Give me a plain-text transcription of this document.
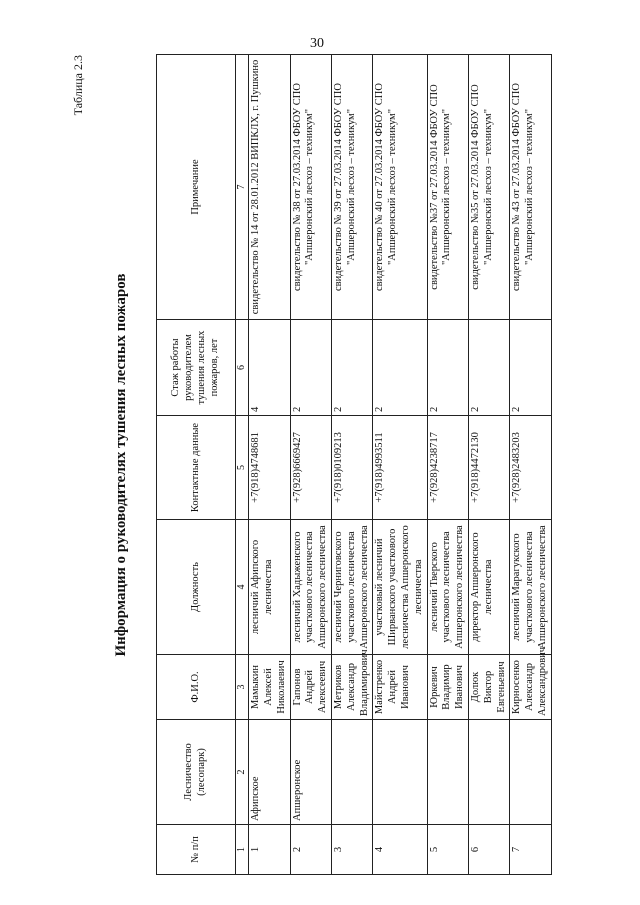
30
Таблица 2.3
Информация о руководителях тушения лесных пожаров
№ п/п	Лесничество (лесопарк)	Ф.И.О.	Должность	Контактные данные	Стаж работы руководителем тушения лесных пожаров, лет	Примечание
1	2	3	4	5	6	7
1	Афипское	Мамыкин Алексей Николаевич	лесничий Афипского лесничества	+7(918)4748681	4	свидетельство № 14 от 28.01.2012 ВИПКЛХ, г. Пушкино
2	Апшеронское	Гапонов Андрей Алексеевич	лесничий Хадыженского участкового лесничества Апшеронского лесничества	+7(928)6669427	2	свидетельство № 38 от 27.03.2014 ФБОУ СПО "Апшеронский лесхоз – техникум"
3		Метриков Александр Владимирович	лесничий Черниговского участкового лесничества Апшеронского лесничества	+7(918)0109213	2	свидетельство № 39 от 27.03.2014 ФБОУ СПО "Апшеронский лесхоз – техникум"
4		Майстренко Андрей Иванович	участковый лесничий Ширванского участкового лесничества Апшеронского лесничества	+7(918)4993511	2	свидетельство № 40 от 27.03.2014 ФБОУ СПО "Апшеронский лесхоз – техникум"
5		Юркевич Владимир Иванович	лесничий Тверского участкового лесничества Апшеронского лесничества	+7(928)4238717	2	свидетельство №37 от 27.03.2014 ФБОУ СПО "Апшеронский лесхоз – техникум"
6		Долюк Виктор Евгеньевич	директор Апшеронского лесничества	+7(918)4472130	2	свидетельство №35 от 27.03.2014 ФБОУ СПО "Апшеронский лесхоз – техникум"
7		Кирносенко Александр Александрович	лесничий Марагукского участкового лесничества Апшеронского лесничества	+7(928)2483203	2	свидетельство № 43 от 27.03.2014 ФБОУ СПО "Апшеронский лесхоз – техникум"
